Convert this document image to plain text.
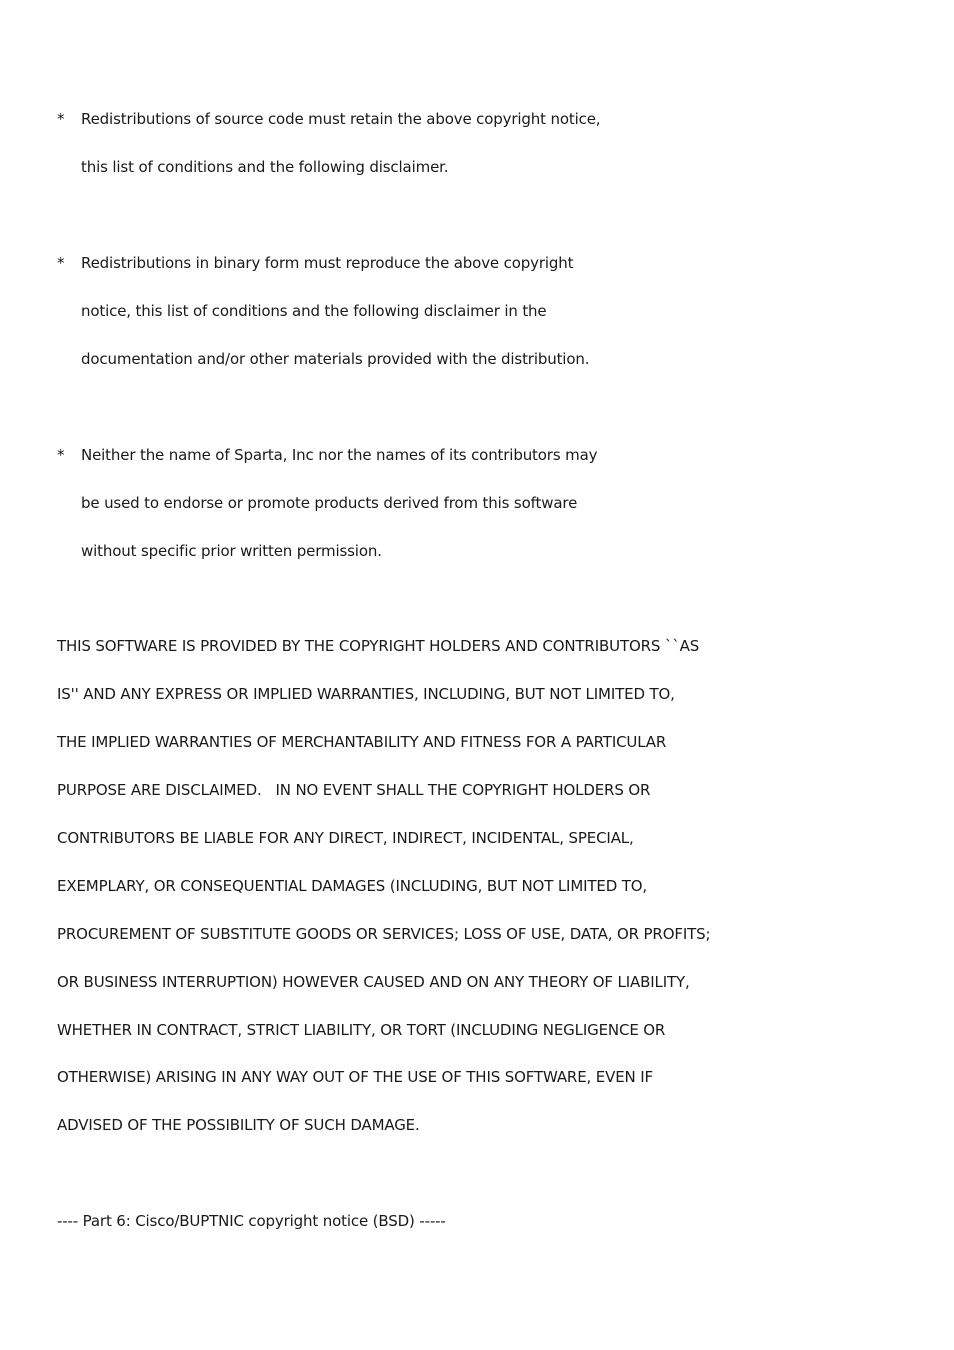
* Redistributions of source code must retain the above copyright notice,
this list of conditions and the following disclaimer.
* Redistributions in binary form must reproduce the above copyright
notice, this list of conditions and the following disclaimer in the
documentation and/or other materials provided with the distribution.
* Neither the name of Sparta, Inc nor the names of its contributors may
be used to endorse or promote products derived from this software
without specific prior written permission.
THIS SOFTWARE IS PROVIDED BY THE COPYRIGHT HOLDERS AND CONTRIBUTORS ``AS
IS'' AND ANY EXPRESS OR IMPLIED WARRANTIES, INCLUDING, BUT NOT LIMITED TO,
THE IMPLIED WARRANTIES OF MERCHANTABILITY AND FITNESS FOR A PARTICULAR
PURPOSE ARE DISCLAIMED.   IN NO EVENT SHALL THE COPYRIGHT HOLDERS OR
CONTRIBUTORS BE LIABLE FOR ANY DIRECT, INDIRECT, INCIDENTAL, SPECIAL,
EXEMPLARY, OR CONSEQUENTIAL DAMAGES (INCLUDING, BUT NOT LIMITED TO,
PROCUREMENT OF SUBSTITUTE GOODS OR SERVICES; LOSS OF USE, DATA, OR PROFITS;
OR BUSINESS INTERRUPTION) HOWEVER CAUSED AND ON ANY THEORY OF LIABILITY,
WHETHER IN CONTRACT, STRICT LIABILITY, OR TORT (INCLUDING NEGLIGENCE OR
OTHERWISE) ARISING IN ANY WAY OUT OF THE USE OF THIS SOFTWARE, EVEN IF
ADVISED OF THE POSSIBILITY OF SUCH DAMAGE.
---- Part 6: Cisco/BUPTNIC copyright notice (BSD) -----
